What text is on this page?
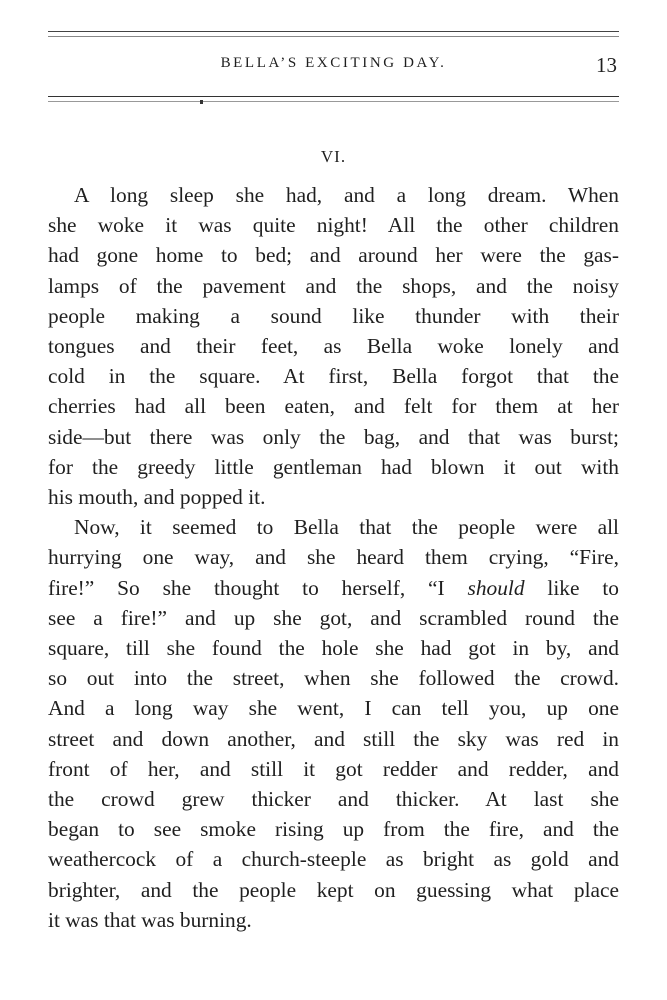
BELLA’S EXCITING DAY.	13
VI.

A long sleep she had, and a long dream. When
she woke it was quite night! All the other children
had gone home to bed; and around her were the gas-
lamps of the pavement and the shops, and the noisy
people making a sound like thunder with their
tongues and their feet, as Bella woke lonely and
cold in the square. At first, Bella forgot that the
cherries had all been eaten, and felt for them at her
side—but there was only the bag, and that was burst;
for the greedy little gentleman had blown it out with
his mouth, and popped it.

Now, it seemed to Bella that the people were all
hurrying one way, and she heard them crying, “Fire,
fire!” So she thought to herself, “I should like to
see a fire!” and up she got, and scrambled round the
square, till she found the hole she had got in by, and
so out into the street, when she followed the crowd.
And a long way she went, I can tell you, up one
street and down another, and still the sky was red in
front of her, and still it got redder and redder, and
the crowd grew thicker and thicker. At last she
began to see smoke rising up from the fire, and the
weathercock of a church-steeple as bright as gold and
brighter, and the people kept on guessing what place
it was that was burning.
